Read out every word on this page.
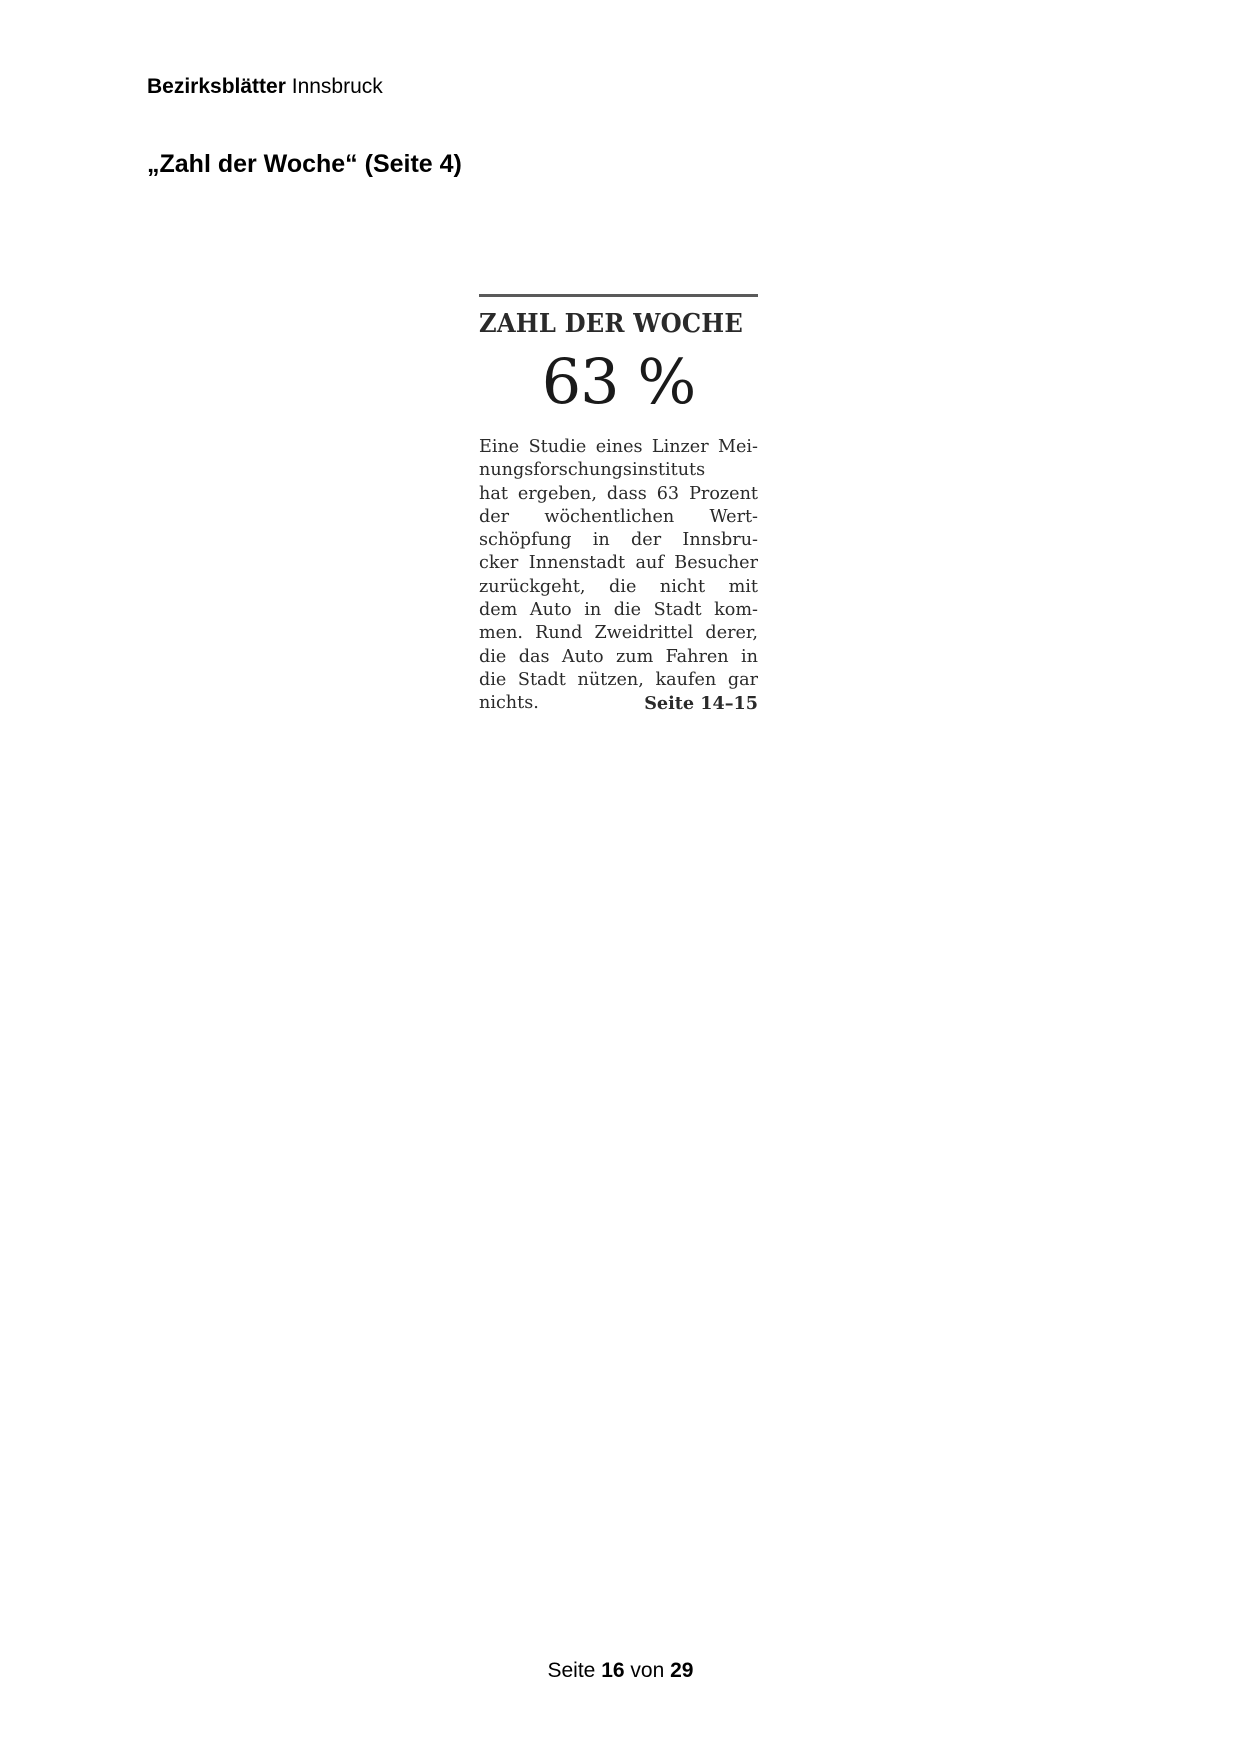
Bezirksblätter Innsbruck
„Zahl der Woche“ (Seite 4)
ZAHL DER WOCHE
63 %
Eine Studie eines Linzer Mei-
nungsforschungsinstituts
hat ergeben, dass 63 Prozent
der wöchentlichen Wert-
schöpfung in der Innsbru-
cker Innenstadt auf Besucher
zurückgeht, die nicht mit
dem Auto in die Stadt kom-
men. Rund Zweidrittel derer,
die das Auto zum Fahren in
die Stadt nützen, kaufen gar
nichts.	Seite 14–15
Seite 16 von 29
